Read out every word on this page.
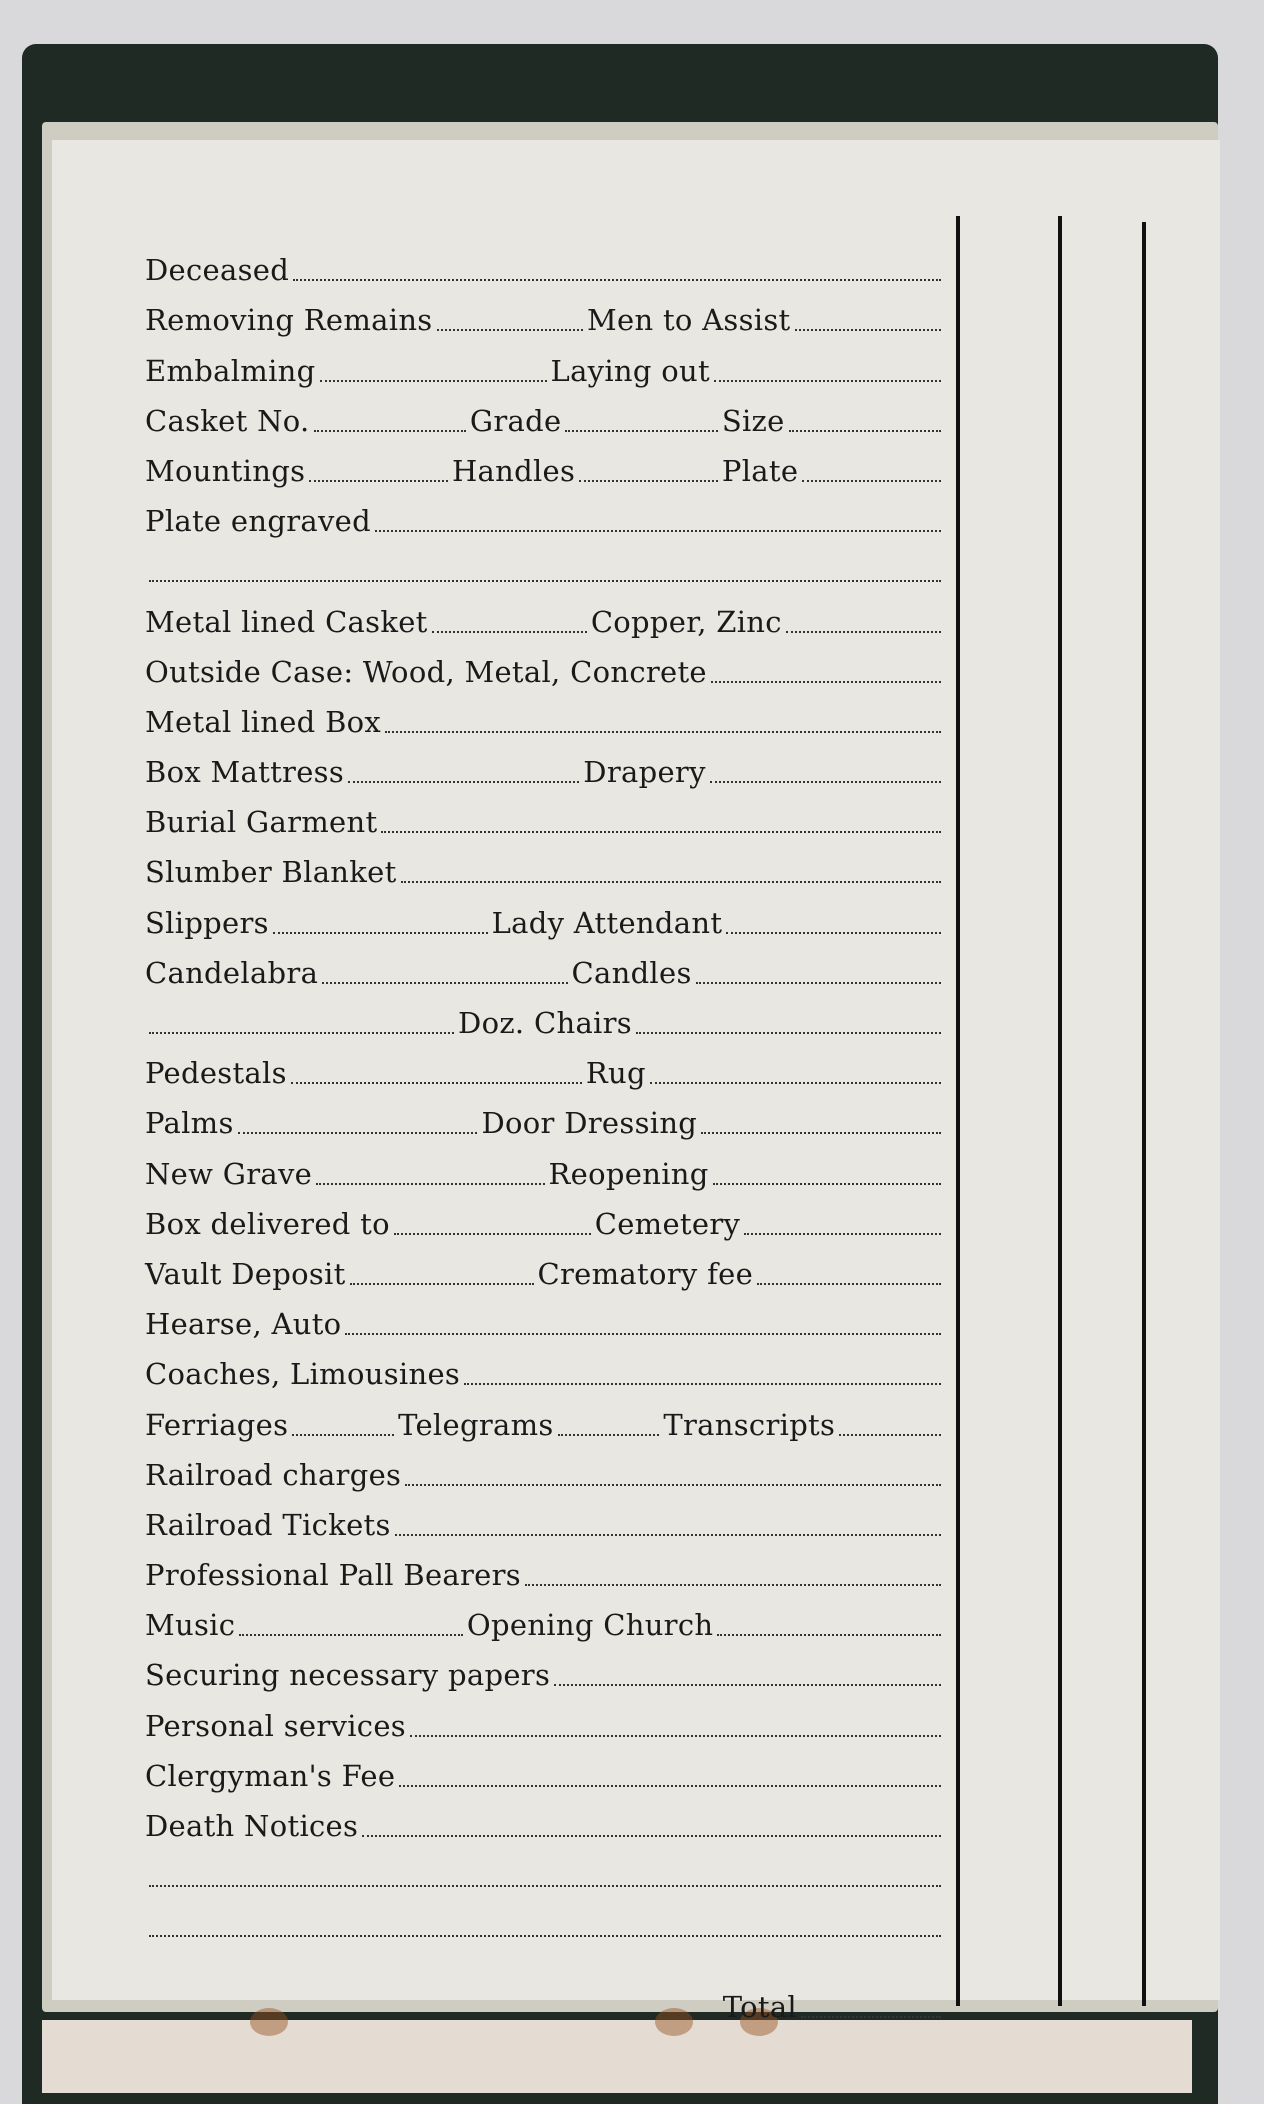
Deceased
Removing Remains	Men to Assist
Embalming	Laying out
Casket No.	Grade	Size
Mountings	Handles	Plate
Plate engraved
Metal lined Casket	Copper, Zinc
Outside Case: Wood, Metal, Concrete
Metal lined Box
Box Mattress	Drapery
Burial Garment
Slumber Blanket
Slippers	Lady Attendant
Candelabra	Candles
Doz. Chairs
Pedestals	Rug
Palms	Door Dressing
New Grave	Reopening
Box delivered to	Cemetery
Vault Deposit	Crematory fee
Hearse, Auto
Coaches, Limousines
Ferriages	Telegrams	Transcripts
Railroad charges
Railroad Tickets
Professional Pall Bearers
Music	Opening Church
Securing necessary papers
Personal services
Clergyman's Fee
Death Notices
Total
